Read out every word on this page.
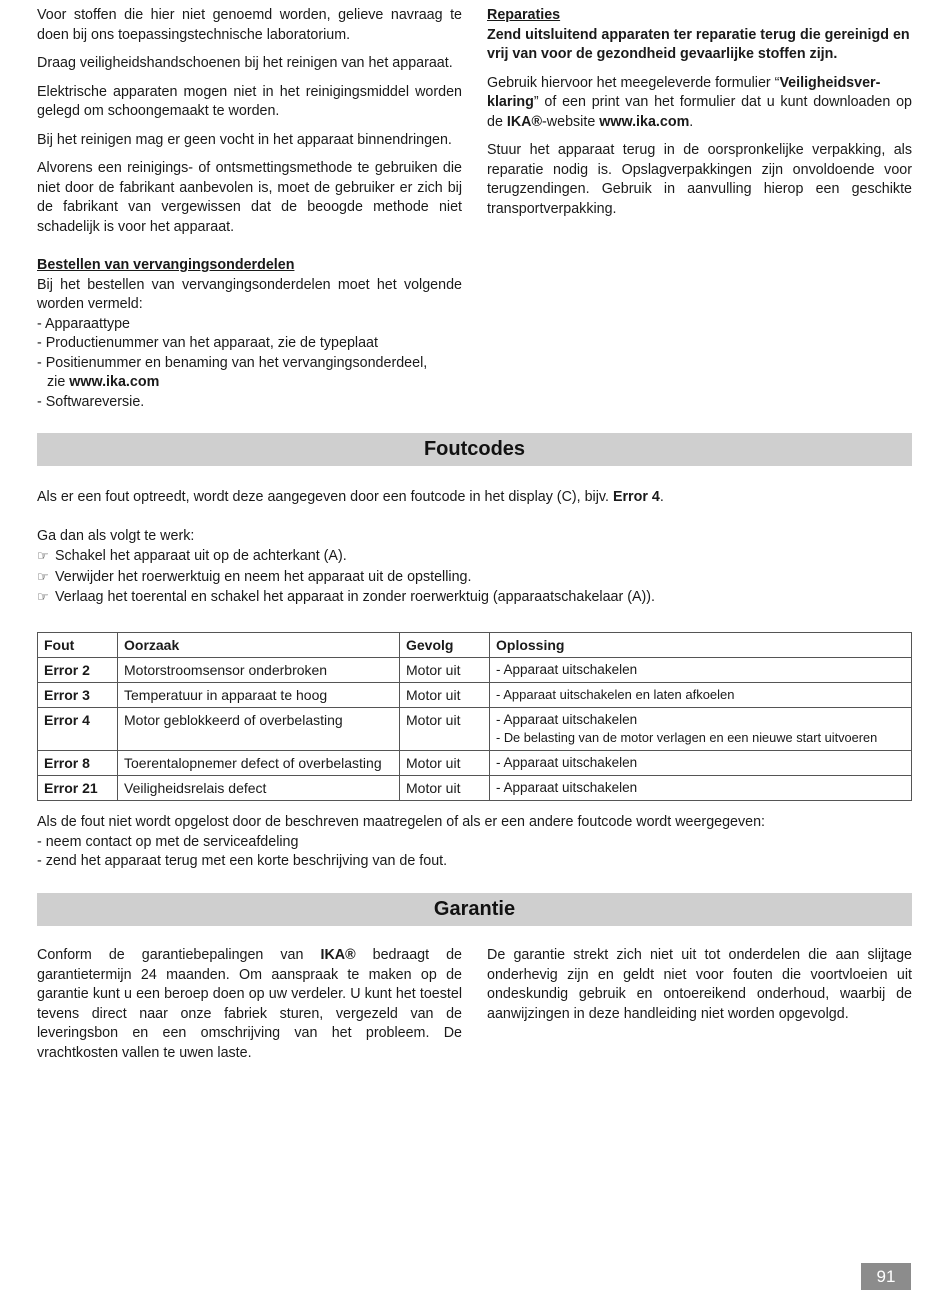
Voor stoffen die hier niet genoemd worden, gelieve navraag te doen bij ons toepassingstechnische laboratorium.

Draag veiligheidshandschoenen bij het reinigen van het apparaat.

Elektrische apparaten mogen niet in het reinigingsmiddel worden gelegd om schoongemaakt te worden.

Bij het reinigen mag er geen vocht in het apparaat binnendringen.

Alvorens een reinigings- of ontsmettingsmethode te gebruiken die niet door de fabrikant aanbevolen is, moet de gebruiker er zich bij de fabrikant van vergewissen dat de beoogde methode niet schadelijk is voor het apparaat.

Bestellen van vervangingsonderdelen

Bij het bestellen van vervangingsonderdelen moet het volgende worden vermeld:

- Apparaattype

- Productienummer van het apparaat, zie de typeplaat

- Positienummer en benaming van het vervangingsonderdeel,

zie www.ika.com

- Softwareversie.

Reparaties

Zend uitsluitend apparaten ter reparatie terug die gereinigd en vrij van voor de gezondheid gevaarlijke stoffen zijn.

Gebruik hiervoor het meegeleverde formulier “Veiligheidsver-
klaring” of een print van het formulier dat u kunt downloaden op de IKA®-website www.ika.com.

Stuur het apparaat terug in de oorspronkelijke verpakking, als reparatie nodig is. Opslagverpakkingen zijn onvoldoende voor terugzendingen. Gebruik in aanvulling hierop een geschikte transportverpakking.

Foutcodes

Als er een fout optreedt, wordt deze aangegeven door een foutcode in het display (C), bijv. Error 4.

Ga dan als volgt te werk:

☞ Schakel het apparaat uit op de achterkant (A).

☞ Verwijder het roerwerktuig en neem het apparaat uit de opstelling.

☞ Verlaag het toerental en schakel het apparaat in zonder roerwerktuig (apparaatschakelaar (A)).

Fout	Oorzaak	Gevolg	Oplossing
Error 2	Motorstroomsensor onderbroken	Motor uit	- Apparaat uitschakelen

Error 3	Temperatuur in apparaat te hoog	Motor uit	- Apparaat uitschakelen en laten afkoelen

Error 4	Motor geblokkeerd of overbelasting	Motor uit	- Apparaat uitschakelen
- De belasting van de motor verlagen en een nieuwe start uitvoeren

Error 8	Toerentalopnemer defect of overbelasting	Motor uit	- Apparaat uitschakelen

Error 21	Veiligheidsrelais defect	Motor uit	- Apparaat uitschakelen

Als de fout niet wordt opgelost door de beschreven maatregelen of als er een andere foutcode wordt weergegeven:

- neem contact op met de serviceafdeling

- zend het apparaat terug met een korte beschrijving van de fout.

Garantie

Conform de garantiebepalingen van IKA® bedraagt de garantietermijn 24 maanden. Om aanspraak te maken op de garantie kunt u een beroep doen op uw verdeler. U kunt het toestel tevens direct naar onze fabriek sturen, vergezeld van de leveringsbon en een omschrijving van het probleem. De vrachtkosten vallen te uwen laste.

De garantie strekt zich niet uit tot onderdelen die aan slijtage onderhevig zijn en geldt niet voor fouten die voortvloeien uit ondeskundig gebruik en ontoereikend onderhoud, waarbij de aanwijzingen in deze handleiding niet worden opgevolgd.

91
